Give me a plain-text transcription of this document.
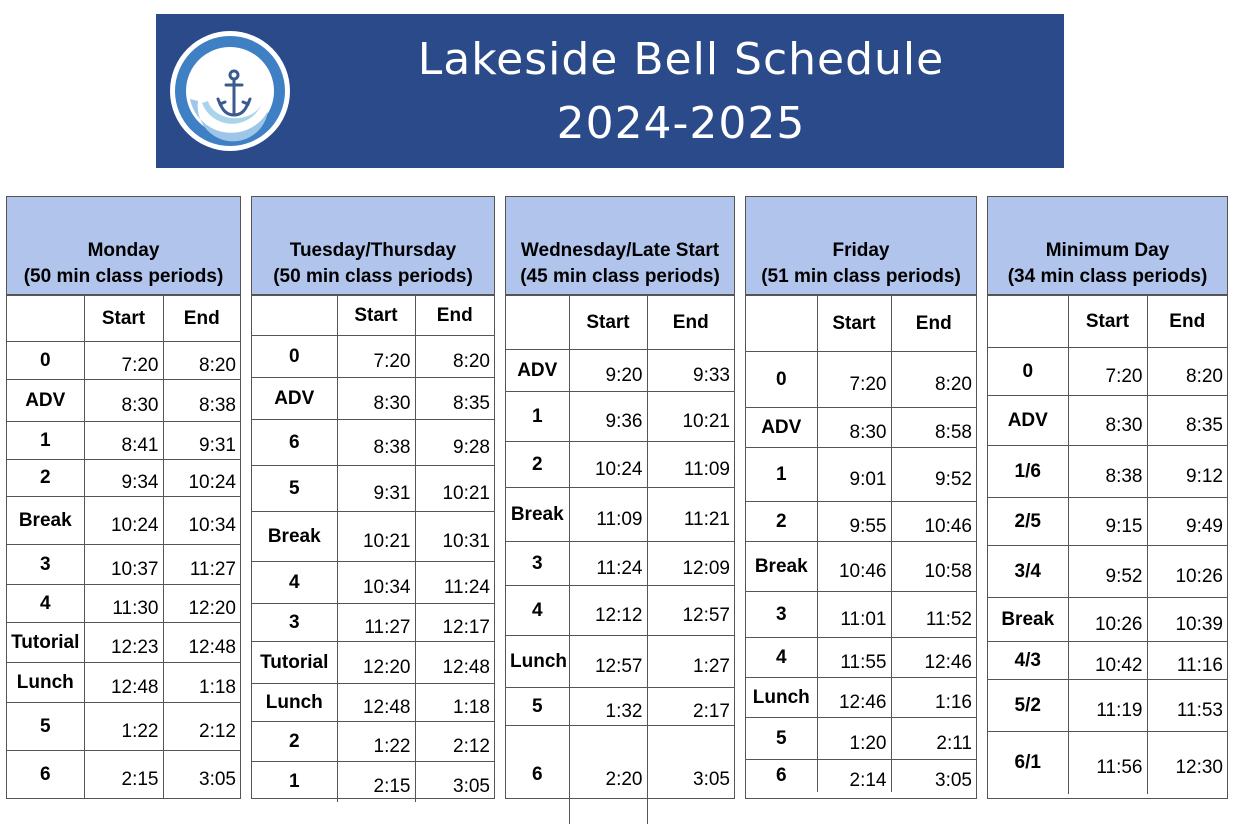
Lakeside Bell Schedule
2024-2025
Monday
(50 min class periods)
	Start	End
0	7:20	8:20
ADV	8:30	8:38
1	8:41	9:31
2	9:34	10:24
Break	10:24	10:34
3	10:37	11:27
4	11:30	12:20
Tutorial	12:23	12:48
Lunch	12:48	1:18
5	1:22	2:12
6	2:15	3:05
Tuesday/Thursday
(50 min class periods)
	Start	End
0	7:20	8:20
ADV	8:30	8:35
6	8:38	9:28
5	9:31	10:21
Break	10:21	10:31
4	10:34	11:24
3	11:27	12:17
Tutorial	12:20	12:48
Lunch	12:48	1:18
2	1:22	2:12
1	2:15	3:05
Wednesday/Late Start
(45 min class periods)
	Start	End
ADV	9:20	9:33
1	9:36	10:21
2	10:24	11:09
Break	11:09	11:21
3	11:24	12:09
4	12:12	12:57
Lunch	12:57	1:27
5	1:32	2:17
6	2:20	3:05
Friday
(51 min class periods)
	Start	End
0	7:20	8:20
ADV	8:30	8:58
1	9:01	9:52
2	9:55	10:46
Break	10:46	10:58
3	11:01	11:52
4	11:55	12:46
Lunch	12:46	1:16
5	1:20	2:11
6	2:14	3:05
Minimum Day
(34 min class periods)
	Start	End
0	7:20	8:20
ADV	8:30	8:35
1/6	8:38	9:12
2/5	9:15	9:49
3/4	9:52	10:26
Break	10:26	10:39
4/3	10:42	11:16
5/2	11:19	11:53
6/1	11:56	12:30
